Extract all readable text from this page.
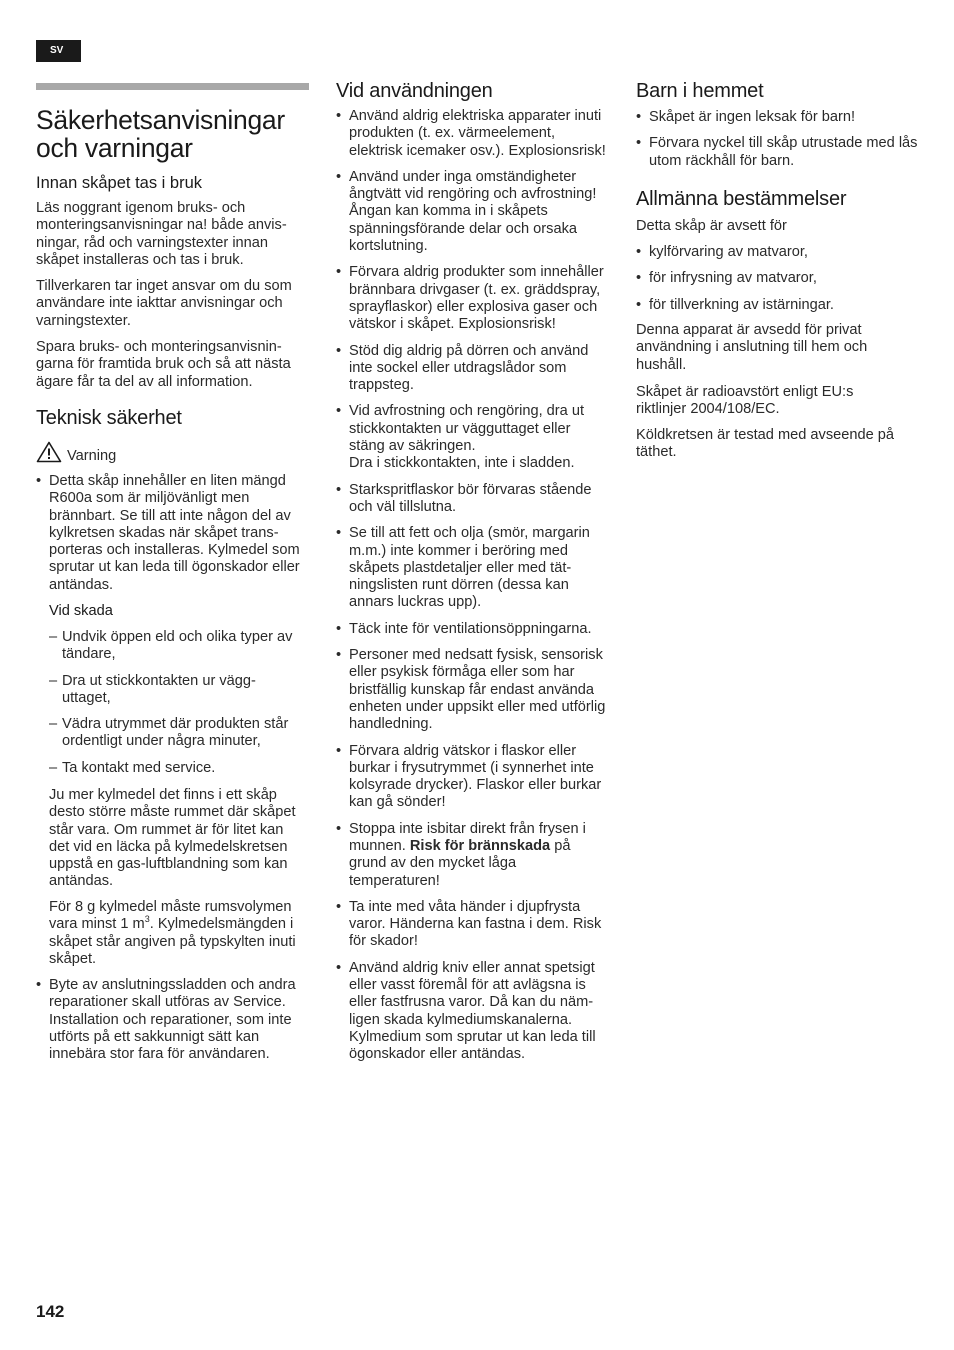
SV
Säkerhetsanvisningar
och varningar
Innan skåpet tas i bruk

Läs noggrant igenom bruks- och monteringsanvisningar na! både anvisningar, råd och varningstexter innan skåpet installeras och tas i bruk.

Tillverkaren tar inget ansvar om du som användare inte iakttar anvisningar och varningstexter.

Spara bruks- och monteringsanvisningarna för framtida bruk och så att nästa ägare får ta del av all information.

Teknisk säkerhet
Varning
• Detta skåp innehåller en liten mängd R600a som är miljövänligt men brännbart. Se till att inte någon del av kylkretsen skadas när skåpet transporteras och installeras. Kylmedel som sprutar ut kan leda till ögonskador eller antändas.
Vid skada
– Undvik öppen eld och olika typer av tändare,
– Dra ut stickkontakten ur vägguttaget,
– Vädra utrymmet där produkten står ordentligt under några minuter,
– Ta kontakt med service.

Ju mer kylmedel det finns i ett skåp desto större måste rummet där skåpet står vara. Om rummet är för litet kan det vid en läcka på kylmedelskretsen uppstå en gas-luftblandning som kan antändas.

För 8 g kylmedel måste rumsvolymen vara minst 1 $m^3$. Kylmedelsmängden i skåpet står angiven på typskylten inuti skåpet.

• Byte av anslutningssladden och andra reparationer skall utföras av Service. Installation och reparationer, som inte utförts på ett sakkunnigt sätt kan innebära stor fara för användaren.
Vid användningen
• Använd aldrig elektriska apparater inuti produkten (t. ex. värmeelement, elektrisk icemaker osv.). Explosionsrisk!
• Använd under inga omständigheter ångtvätt vid rengöring och avfrostning! Ångan kan komma in i skåpets spänningsförande delar och orsaka kortslutning.
• Förvara aldrig produkter som innehåller brännbara drivgaser (t. ex. gräddspray, sprayflaskor) eller explosiva gaser och vätskor i skåpet. Explosionsrisk!
• Stöd dig aldrig på dörren och använd inte sockel eller utdragslådor som trappsteg.
• Vid avfrostning och rengöring, dra ut stickkontakten ur vägguttaget eller stäng av säkringen.
Dra i stickkontakten, inte i sladden.
• Starkspritflaskor bör förvaras stående och väl tillslutna.
• Se till att fett och olja (smör, margarin m.m.) inte kommer i beröring med skåpets plastdetaljer eller med tätningslisten runt dörren (dessa kan annars luckras upp).
• Täck inte för ventilationsöppningarna.
• Personer med nedsatt fysisk, sensorisk eller psykisk förmåga eller som har bristfällig kunskap får endast använda enheten under uppsikt eller med utförlig handledning.
• Förvara aldrig vätskor i flaskor eller burkar i frysutrymmet (i synnerhet inte kolsyrade drycker). Flaskor eller burkar kan gå sönder!
• Stoppa inte isbitar direkt från frysen i munnen. Risk för brännskada på grund av den mycket låga temperaturen!
• Ta inte med våta händer i djupfrysta varor. Händerna kan fastna i dem. Risk för skador!
• Använd aldrig kniv eller annat spetsigt eller vasst föremål för att avlägsna is eller fastfrusna varor. Då kan du nämligen skada kylmediumskanalerna. Kylmedium som sprutar ut kan leda till ögonskador eller antändas.
Barn i hemmet
• Skåpet är ingen leksak för barn!
• Förvara nyckel till skåp utrustade med lås utom räckhåll för barn.
Allmänna bestämmelser

Detta skåp är avsett för

• kylförvaring av matvaror,
• för infrysning av matvaror,
• för tillverkning av istärningar.

Denna apparat är avsedd för privat användning i anslutning till hem och hushåll.

Skåpet är radioavstört enligt EU:s riktlinjer 2004/108/EC.

Köldkretsen är testad med avseende på täthet.

142
